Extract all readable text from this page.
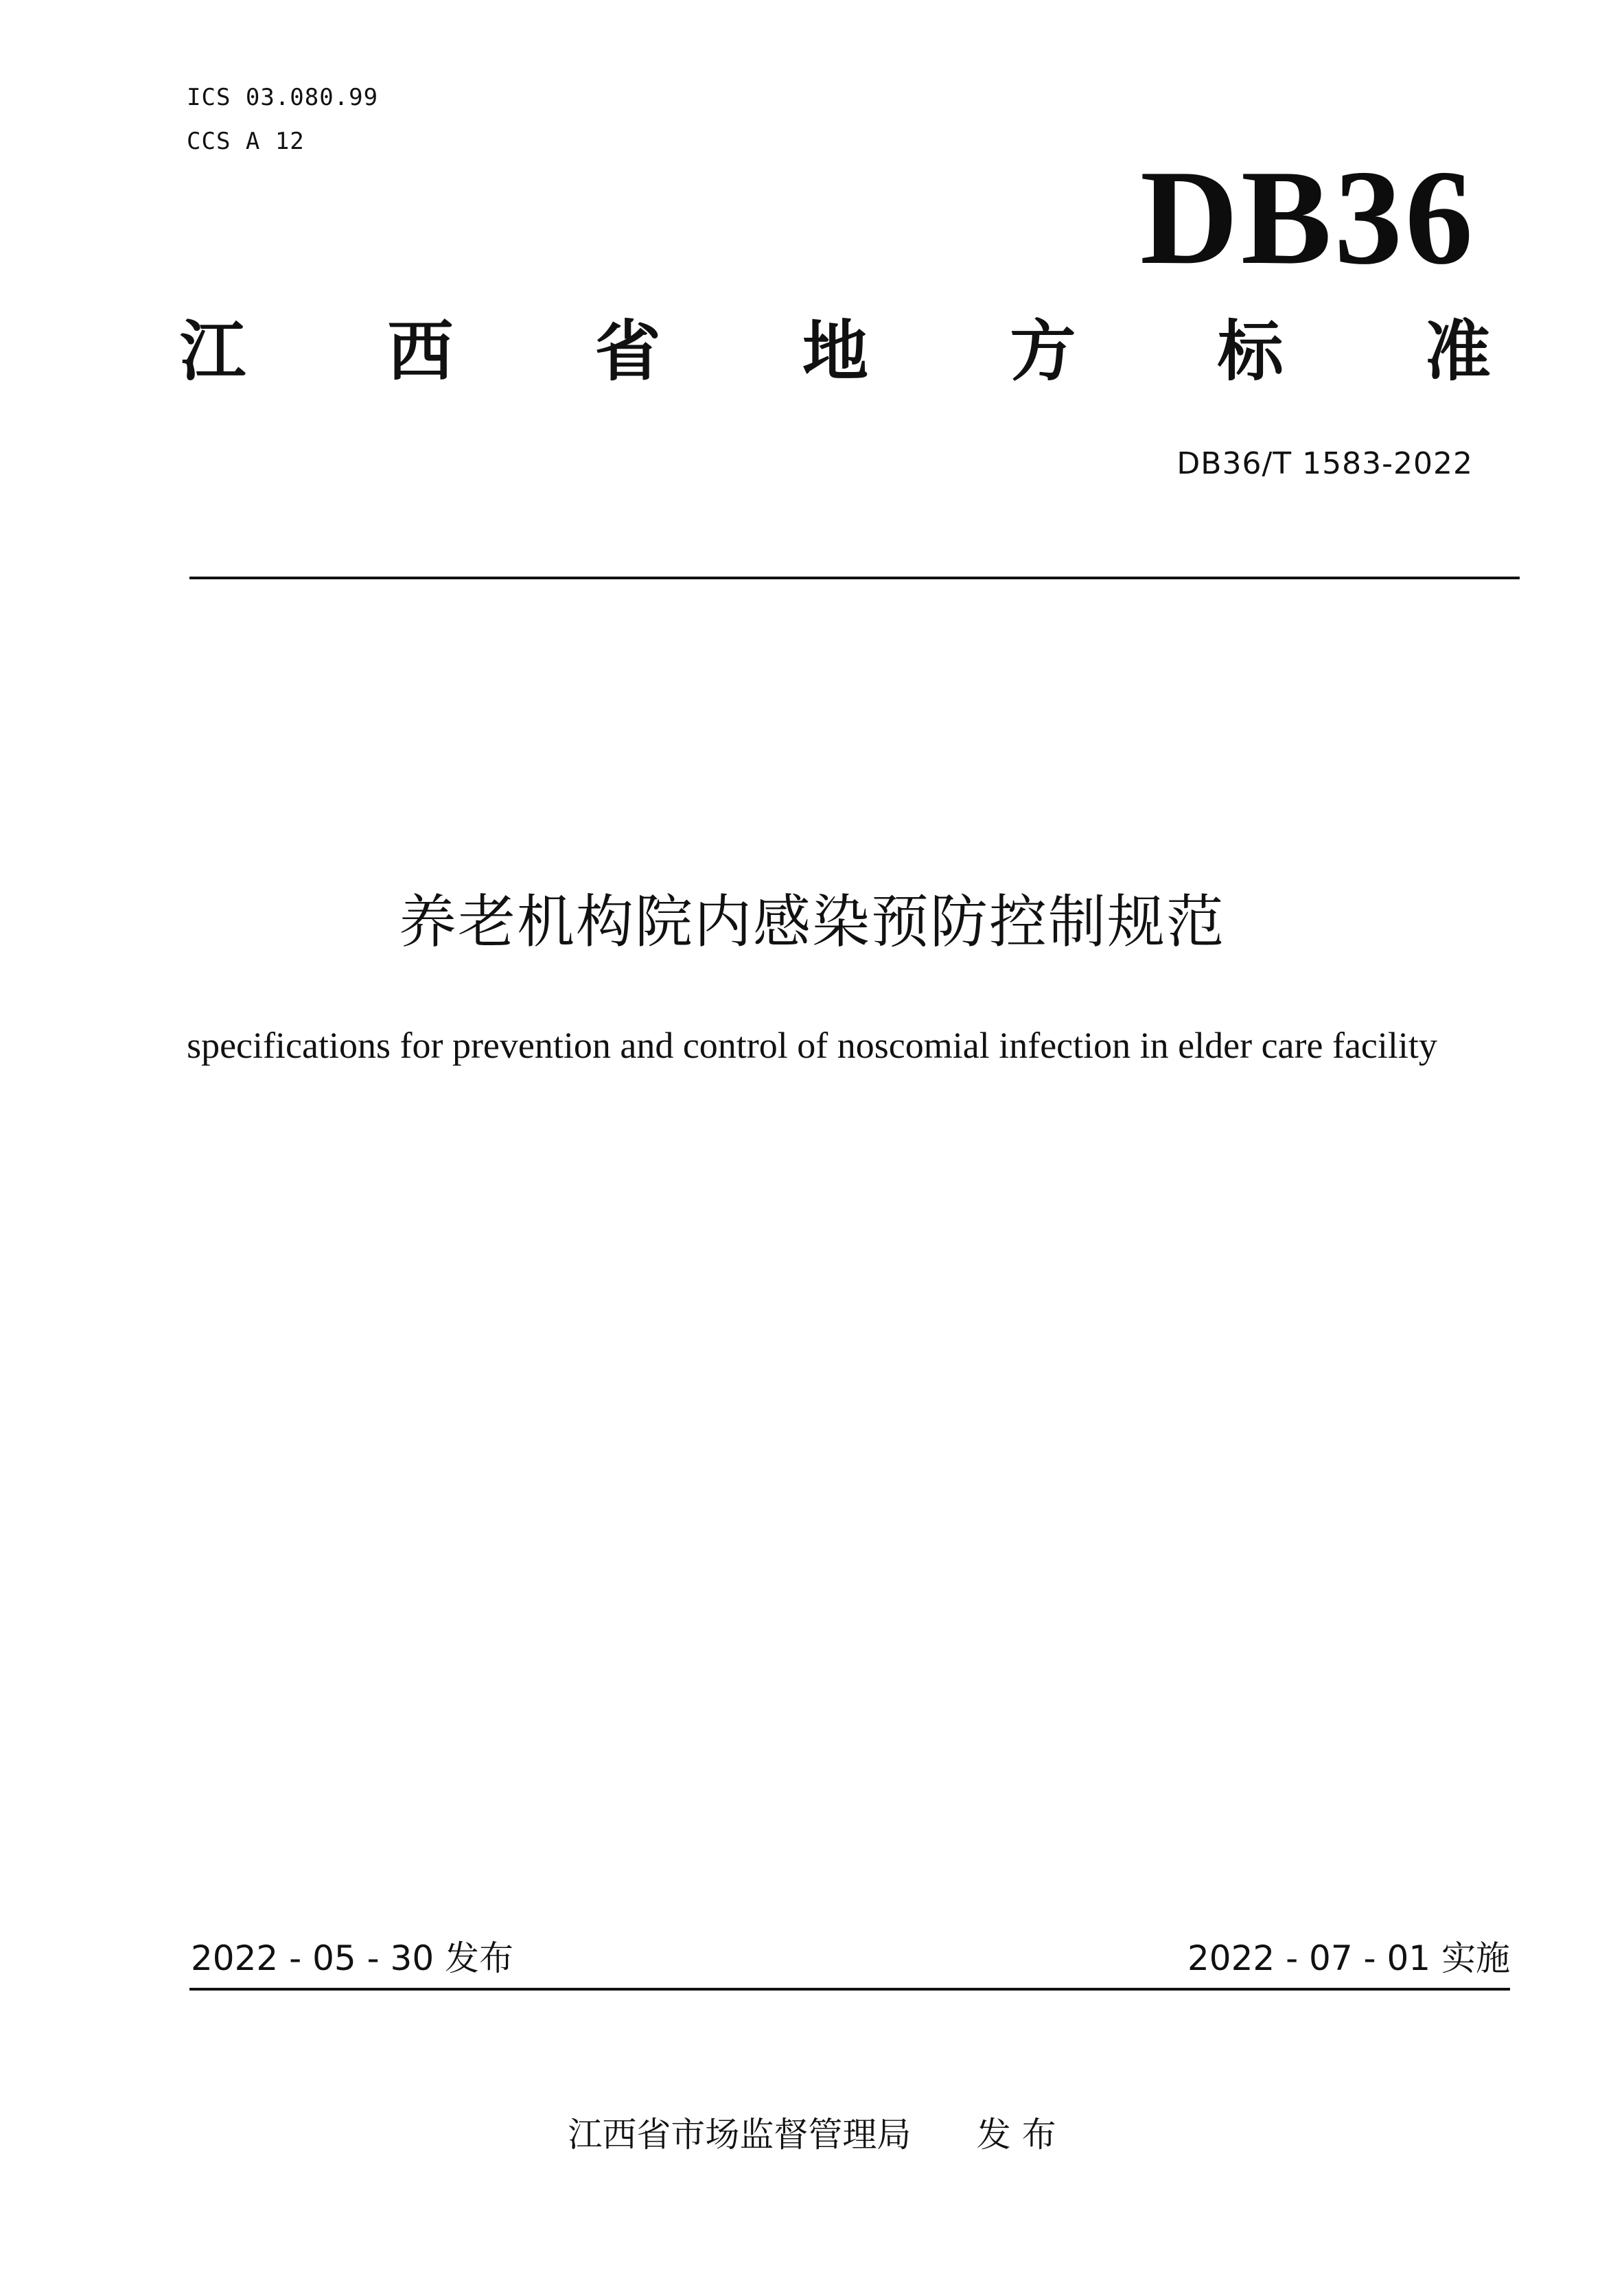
ICS 03.080.99
CCS A 12
DB36
江 西 省 地 方 标 准
DB36/T 1583-2022
养老机构院内感染预防控制规范
specifications for prevention and control of noscomial infection in elder care facility
2022 - 05 - 30 发布	2022 - 07 - 01 实施
江西省市场监督管理局      发 布
